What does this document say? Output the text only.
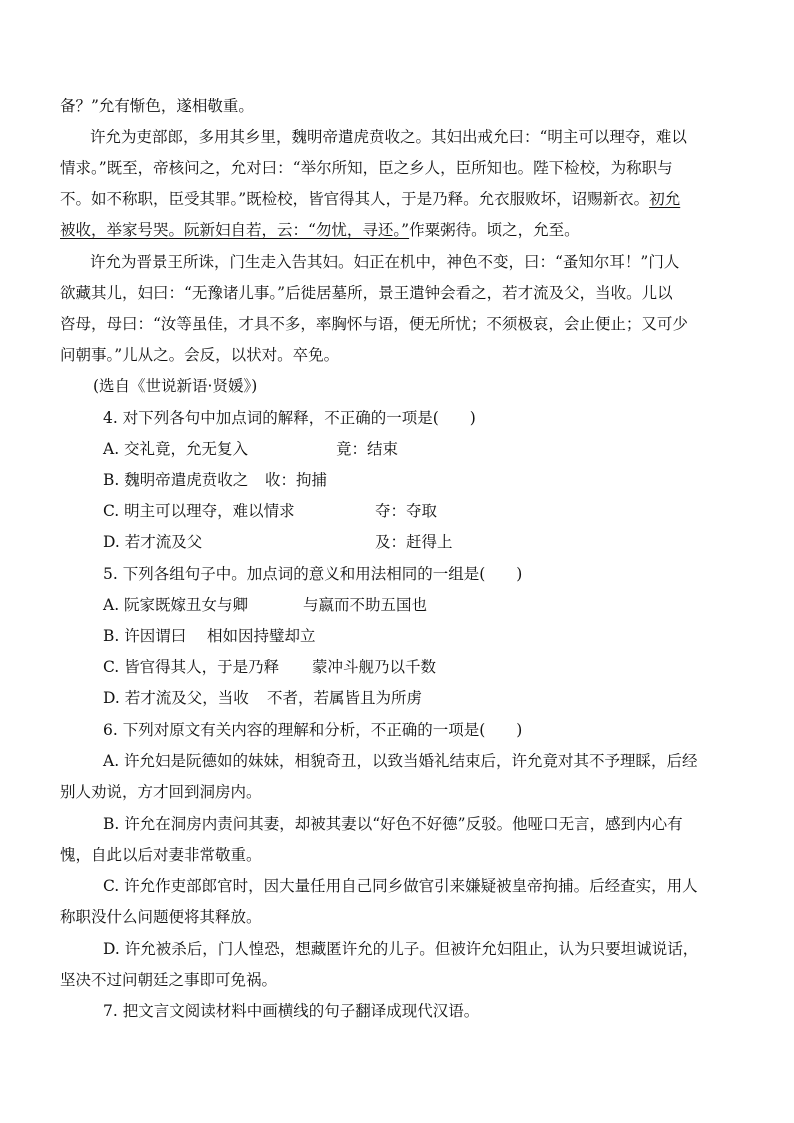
备？”允有惭色，遂相敬重。
许允为吏部郎，多用其乡里，魏明帝遣虎贲收之。其妇出戒允曰：“明主可以理夺，难以
情求。”既至，帝核问之，允对曰：“举尔所知，臣之乡人，臣所知也。陛下检校，为称职与
不。如不称职，臣受其罪。”既检校，皆官得其人，于是乃释。允衣服败坏，诏赐新衣。初允
被收，举家号哭。阮新妇自若，云：“勿忧，寻还。”作粟粥待。顷之，允至。
许允为晋景王所诛，门生走入告其妇。妇正在机中，神色不变，曰：“蚤知尔耳！”门人
欲藏其儿，妇曰：“无豫诸儿事。”后徙居墓所，景王遣钟会看之，若才流及父，当收。儿以
咨母，母曰：“汝等虽佳，才具不多，率胸怀与语，便无所忧；不须极哀，会止便止；又可少
问朝事。”儿从之。会反，以状对。卒免。
(选自《世说新语·贤媛》)
4. 对下列各句中加点词的解释，不正确的一项是(　　)
A. 交礼竟，允无复入	竟：结束
B. 魏明帝遣虎贲收之 收：拘捕
C. 明主可以理夺，难以情求	夺：夺取
D. 若才流及父	及：赶得上
5. 下列各组句子中。加点词的意义和用法相同的一组是(　　)
A. 阮家既嫁丑女与卿	与嬴而不助五国也
B. 许因谓曰 相如因持璧却立
C. 皆官得其人，于是乃释 蒙冲斗舰乃以千数
D. 若才流及父，当收 不者，若属皆且为所虏
6. 下列对原文有关内容的理解和分析，不正确的一项是(　　)
A. 许允妇是阮德如的妹妹，相貌奇丑，以致当婚礼结束后，许允竟对其不予理睬，后经
别人劝说，方才回到洞房内。
B. 许允在洞房内责问其妻，却被其妻以“好色不好德”反驳。他哑口无言，感到内心有
愧，自此以后对妻非常敬重。
C. 许允作吏部郎官时，因大量任用自己同乡做官引来嫌疑被皇帝拘捕。后经查实，用人
称职没什么问题便将其释放。
D. 许允被杀后，门人惶恐，想藏匿许允的儿子。但被许允妇阻止，认为只要坦诚说话，
坚决不过问朝廷之事即可免祸。
7. 把文言文阅读材料中画横线的句子翻译成现代汉语。
